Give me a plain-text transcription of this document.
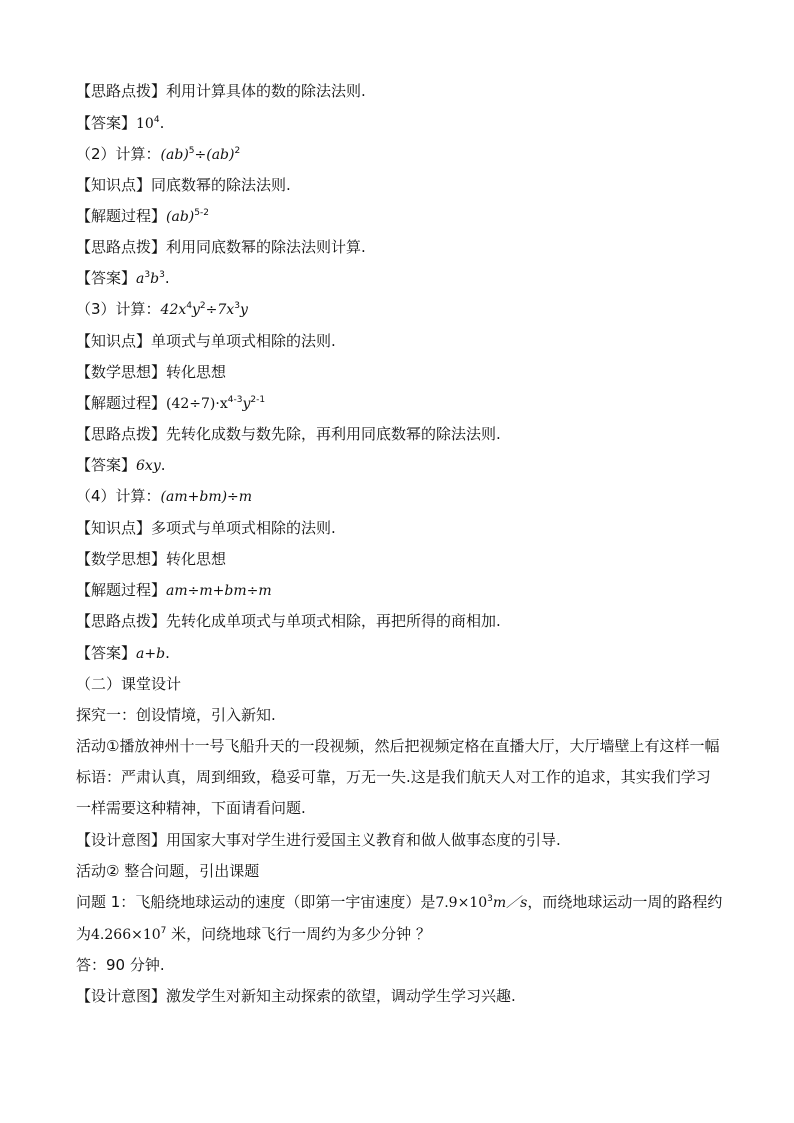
【思路点拨】利用计算具体的数的除法法则.
【答案】$10^4$.
（2）计算：(ab)$^5$÷(ab)$^2$
【知识点】同底数幂的除法法则.
【解题过程】(ab)$^{5-2}$
【思路点拨】利用同底数幂的除法法则计算.
【答案】$a^3b^3$.
（3）计算：$42x^4y^2\div 7x^3y$
【知识点】单项式与单项式相除的法则.
【数学思想】转化思想
【解题过程】$(42\div 7)\cdot x^{4-3}y^{2-1}$
【思路点拨】先转化成数与数先除，再利用同底数幂的除法法则.
【答案】6xy.
（4）计算：(am+bm)÷m
【知识点】多项式与单项式相除的法则.
【数学思想】转化思想
【解题过程】am÷m+bm÷m
【思路点拨】先转化成单项式与单项式相除，再把所得的商相加.
【答案】a+b.
（二）课堂设计
探究一：创设情境，引入新知.
活动①播放神州十一号飞船升天的一段视频，然后把视频定格在直播大厅，大厅墙壁上有这样一幅标语：严肃认真，周到细致，稳妥可靠，万无一失.这是我们航天人对工作的追求，其实我们学习一样需要这种精神，下面请看问题.
【设计意图】用国家大事对学生进行爱国主义教育和做人做事态度的引导.
活动② 整合问题，引出课题
问题 1：飞船绕地球运动的速度（即第一宇宙速度）是$7.9\times 10^3m/s$，而绕地球运动一周的路程约为$4.266\times 10^7$ 米，问绕地球飞行一周约为多少分钟 ？
答：90 分钟.
【设计意图】激发学生对新知主动探索的欲望，调动学生学习兴趣.
